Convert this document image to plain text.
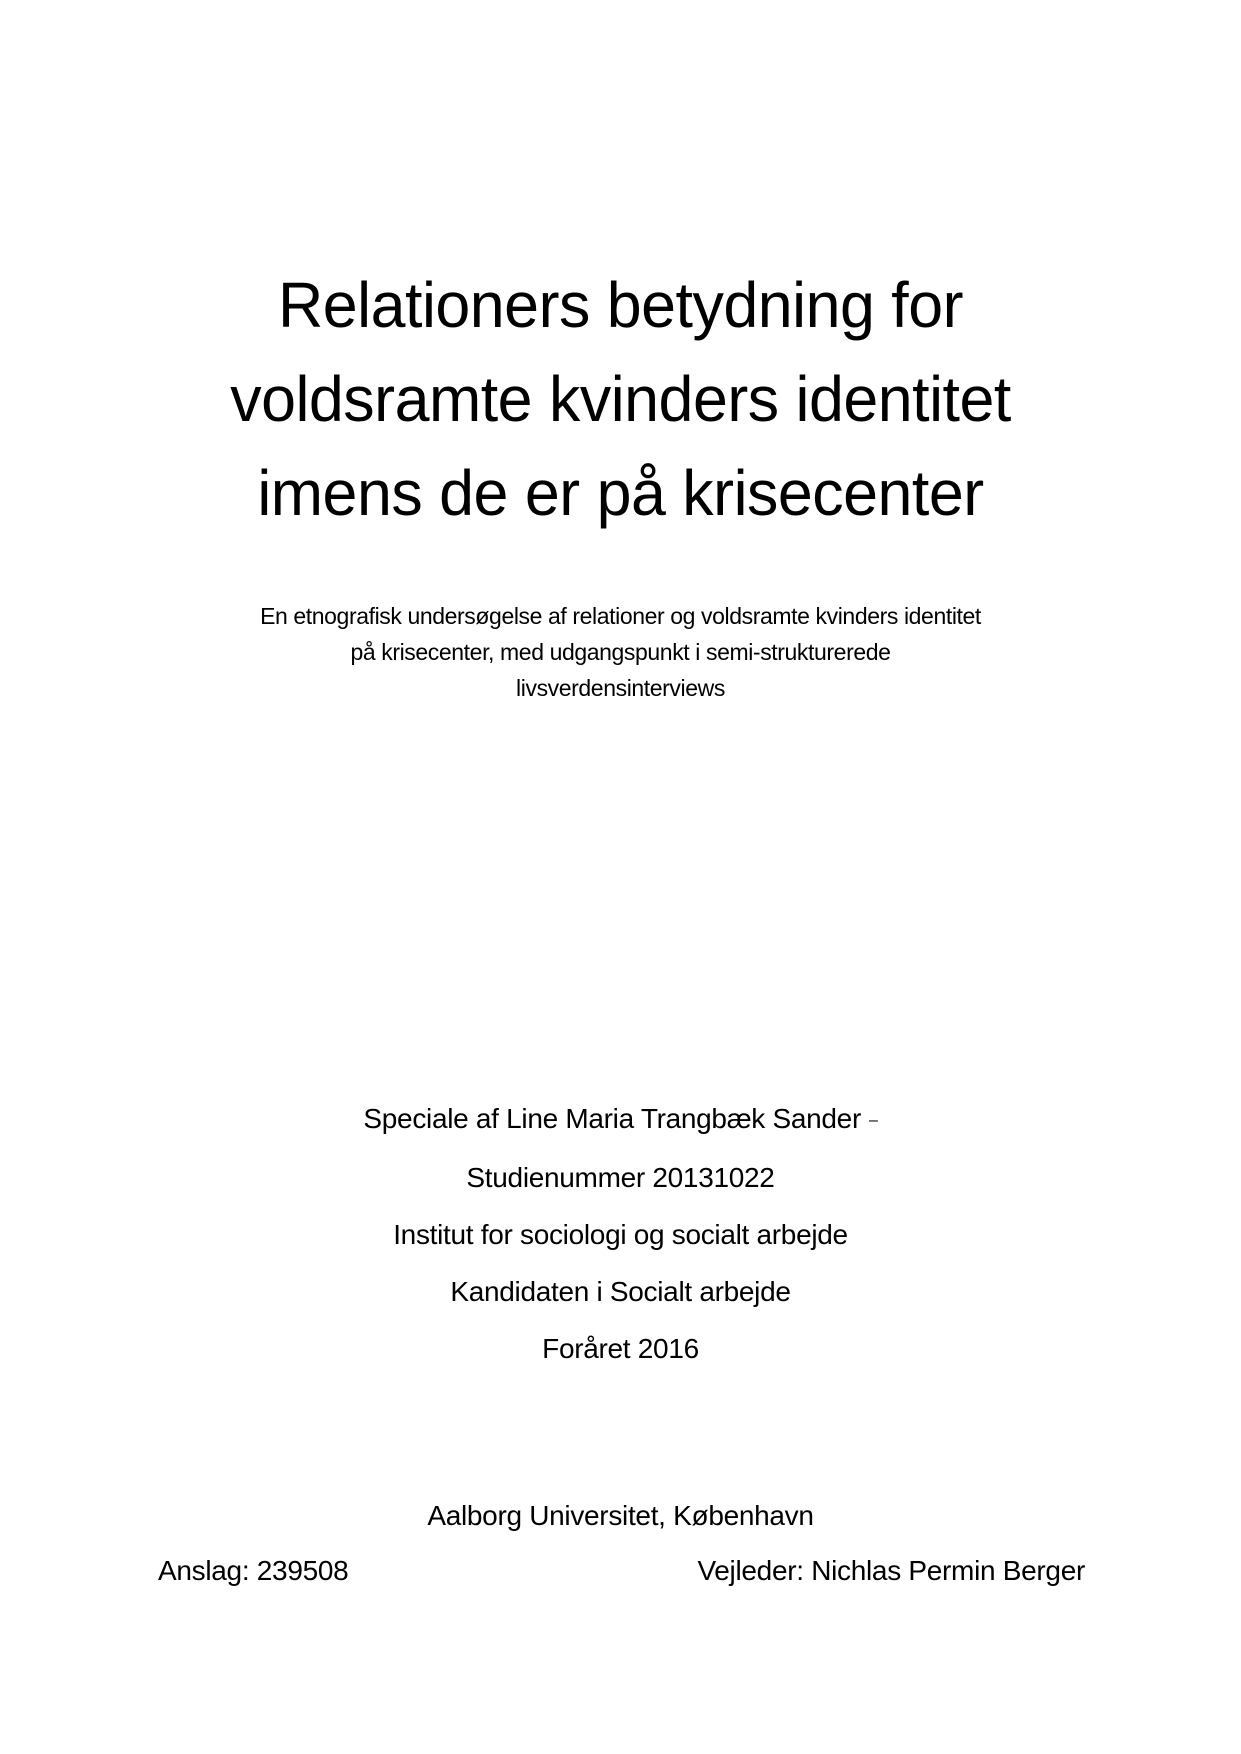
Relationers betydning for
voldsramte kvinders identitet
imens de er på krisecenter
En etnografisk undersøgelse af relationer og voldsramte kvinders identitet
på krisecenter, med udgangspunkt i semi-strukturerede
livsverdensinterviews
Speciale af Line Maria Trangbæk Sander –
Studienummer 20131022
Institut for sociologi og socialt arbejde
Kandidaten i Socialt arbejde
Foråret 2016
Aalborg Universitet, København
Anslag: 239508	Vejleder: Nichlas Permin Berger
